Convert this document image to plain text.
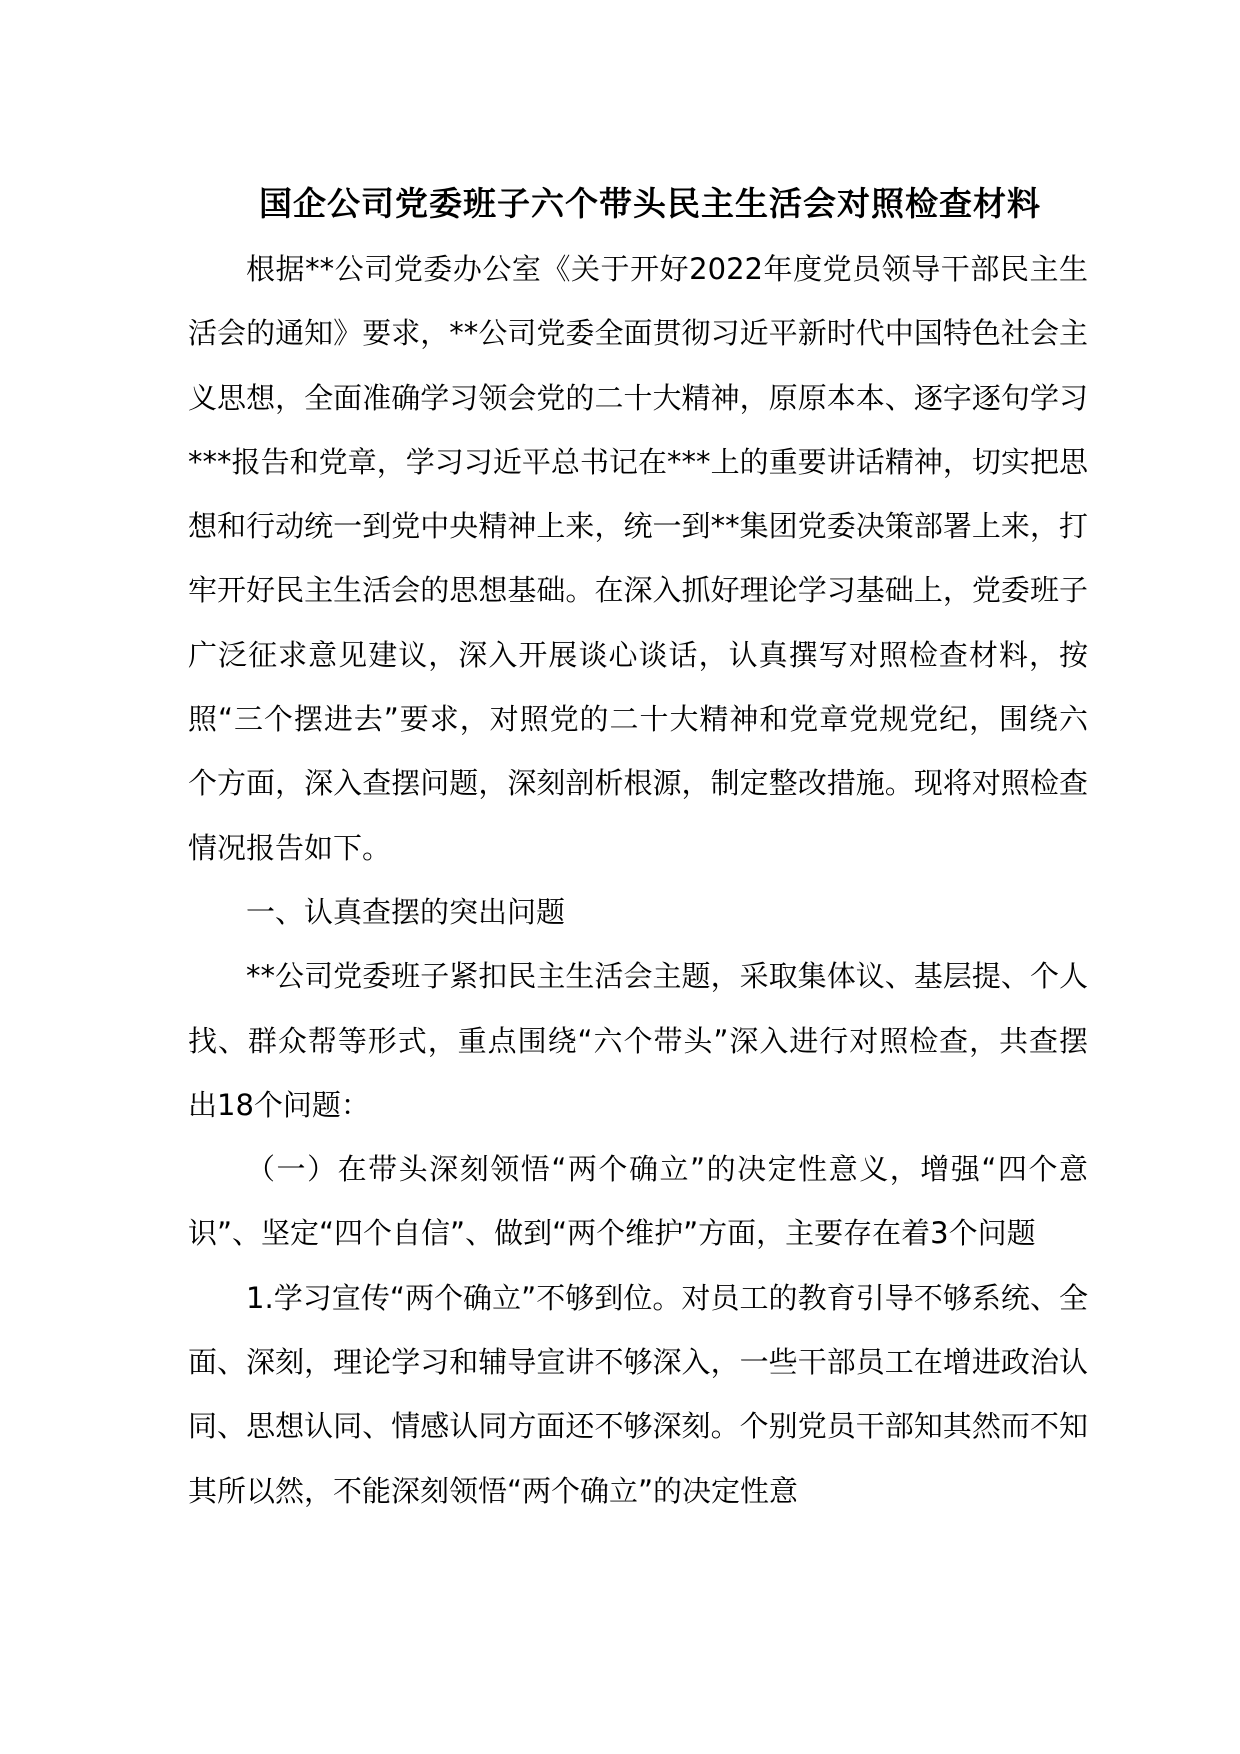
国企公司党委班子六个带头民主生活会对照检查材料

根据**公司党委办公室《关于开好2022年度党员领导干部民主生活会的通知》要求，**公司党委全面贯彻习近平新时代中国特色社会主义思想，全面准确学习领会党的二十大精神，原原本本、逐字逐句学习***报告和党章，学习习近平总书记在***上的重要讲话精神，切实把思想和行动统一到党中央精神上来，统一到**集团党委决策部署上来，打牢开好民主生活会的思想基础。在深入抓好理论学习基础上，党委班子广泛征求意见建议，深入开展谈心谈话，认真撰写对照检查材料，按照“三个摆进去”要求，对照党的二十大精神和党章党规党纪，围绕六个方面，深入查摆问题，深刻剖析根源，制定整改措施。现将对照检查情况报告如下。

一、认真查摆的突出问题

**公司党委班子紧扣民主生活会主题，采取集体议、基层提、个人找、群众帮等形式，重点围绕“六个带头”深入进行对照检查，共查摆出18个问题：

（一）在带头深刻领悟“两个确立”的决定性意义，增强“四个意识”、坚定“四个自信”、做到“两个维护”方面，主要存在着3个问题

1.学习宣传“两个确立”不够到位。对员工的教育引导不够系统、全面、深刻，理论学习和辅导宣讲不够深入，一些干部员工在增进政治认同、思想认同、情感认同方面还不够深刻。个别党员干部知其然而不知其所以然，不能深刻领悟“两个确立”的决定性意
